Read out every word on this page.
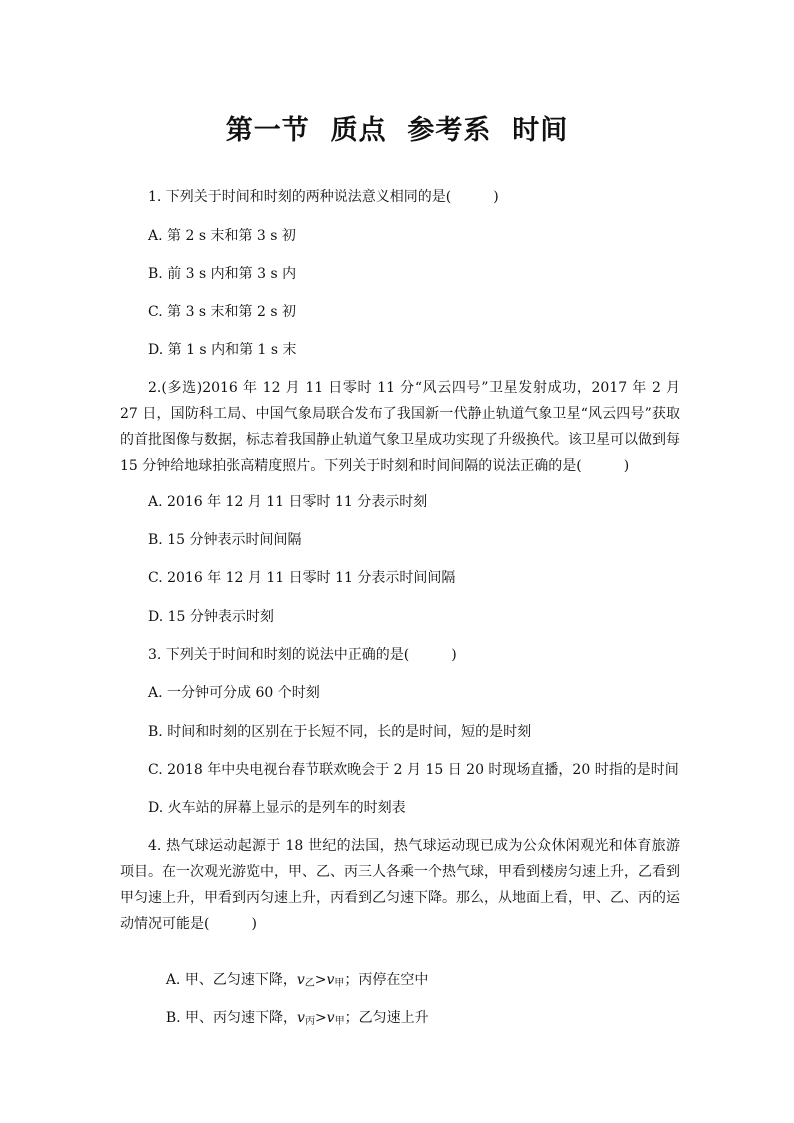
第一节  质点  参考系  时间
1. 下列关于时间和时刻的两种说法意义相同的是(　　　)
A. 第 2 s 末和第 3 s 初
B. 前 3 s 内和第 3 s 内
C. 第 3 s 末和第 2 s 初
D. 第 1 s 内和第 1 s 末
2.(多选)2016 年 12 月 11 日零时 11 分“风云四号”卫星发射成功，2017 年 2 月 27 日，国防科工局、中国气象局联合发布了我国新一代静止轨道气象卫星“风云四号”获取的首批图像与数据，标志着我国静止轨道气象卫星成功实现了升级换代。该卫星可以做到每 15 分钟给地球拍张高精度照片。下列关于时刻和时间间隔的说法正确的是(　　　)
A. 2016 年 12 月 11 日零时 11 分表示时刻
B. 15 分钟表示时间间隔
C. 2016 年 12 月 11 日零时 11 分表示时间间隔
D. 15 分钟表示时刻
3. 下列关于时间和时刻的说法中正确的是(　　　)
A. 一分钟可分成 60 个时刻
B. 时间和时刻的区别在于长短不同，长的是时间，短的是时刻
C. 2018 年中央电视台春节联欢晚会于 2 月 15 日 20 时现场直播，20 时指的是时间
D. 火车站的屏幕上显示的是列车的时刻表
4. 热气球运动起源于 18 世纪的法国，热气球运动现已成为公众休闲观光和体育旅游项目。在一次观光游览中，甲、乙、丙三人各乘一个热气球，甲看到楼房匀速上升，乙看到甲匀速上升，甲看到丙匀速上升，丙看到乙匀速下降。那么，从地面上看，甲、乙、丙的运动情况可能是(　　　)

A. 甲、乙匀速下降，$v_乙>v_甲$；丙停在空中

B. 甲、丙匀速下降，$v_丙>v_甲$；乙匀速上升
